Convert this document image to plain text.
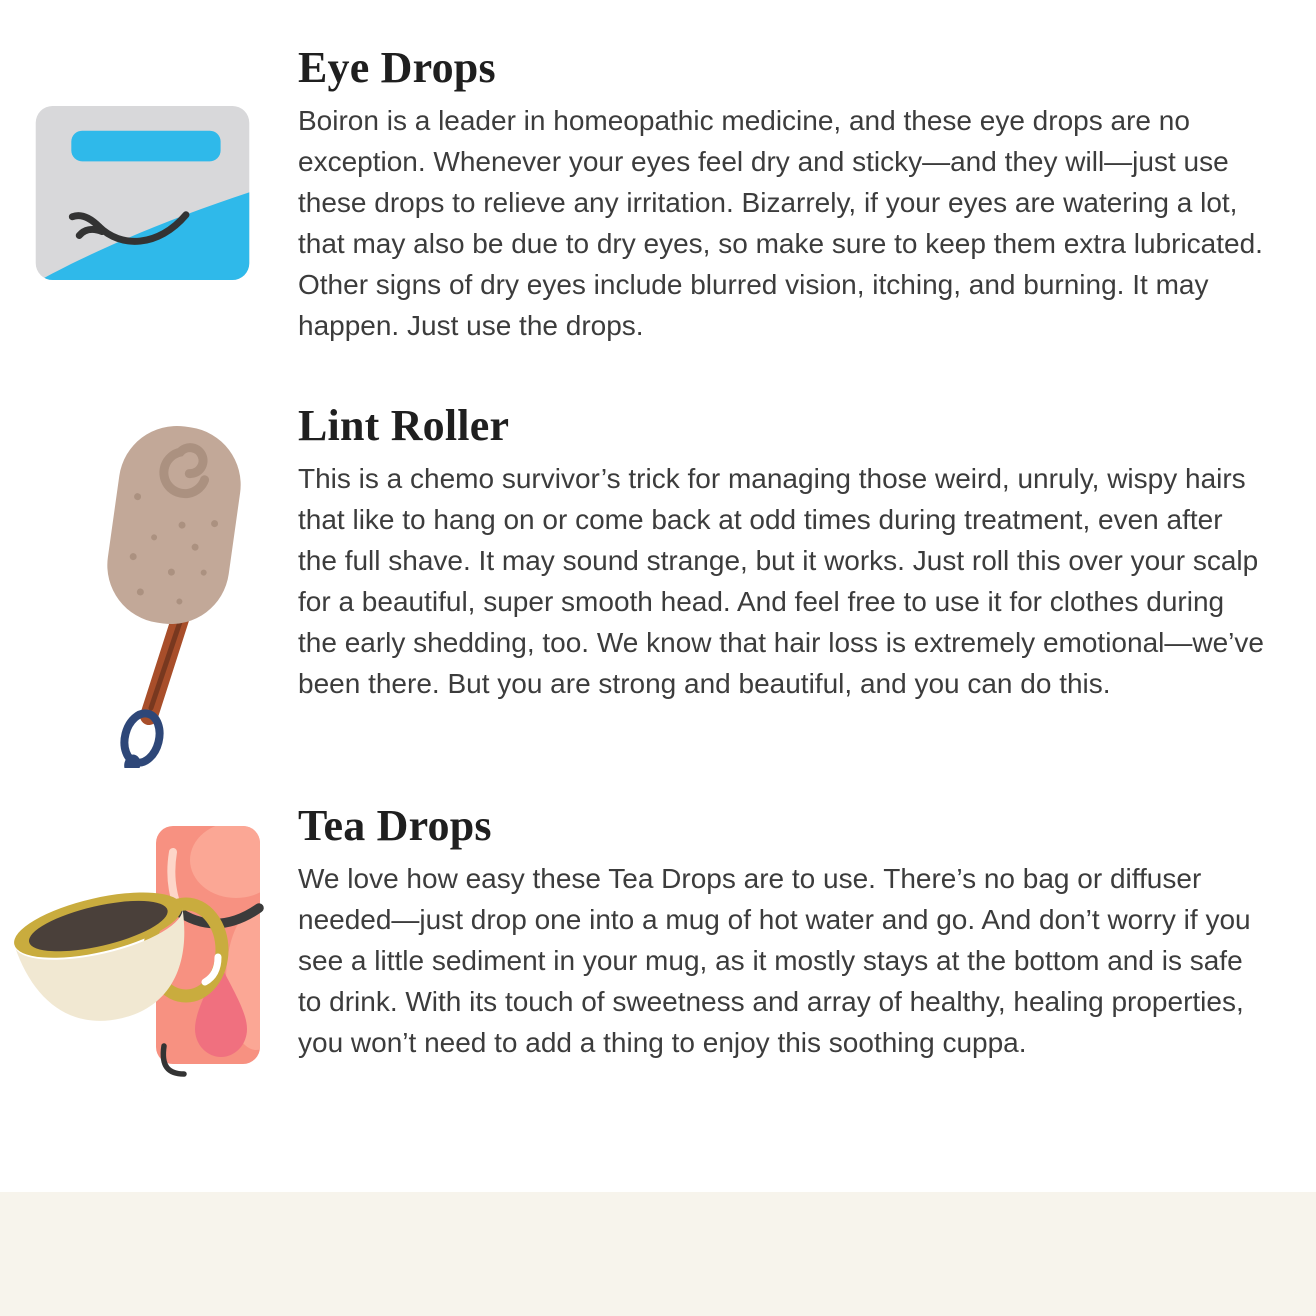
Eye Drops

Boiron is a leader in homeopathic medicine, and these eye drops are no exception. Whenever your eyes feel dry and sticky—and they will—just use these drops to relieve any irritation. Bizarrely, if your eyes are watering a lot, that may also be due to dry eyes, so make sure to keep them extra lubricated. Other signs of dry eyes include blurred vision, itching, and burning. It may happen. Just use the drops.

Lint Roller

This is a chemo survivor’s trick for managing those weird, unruly, wispy hairs that like to hang on or come back at odd times during treatment, even after the full shave. It may sound strange, but it works. Just roll this over your scalp for a beautiful, super smooth head. And feel free to use it for clothes during the early shedding, too. We know that hair loss is extremely emotional—we’ve been there. But you are strong and beautiful, and you can do this.

Tea Drops

We love how easy these Tea Drops are to use. There’s no bag or diffuser needed—just drop one into a mug of hot water and go. And don’t worry if you see a little sediment in your mug, as it mostly stays at the bottom and is safe to drink. With its touch of sweetness and array of healthy, healing properties, you won’t need to add a thing to enjoy this soothing cuppa.
